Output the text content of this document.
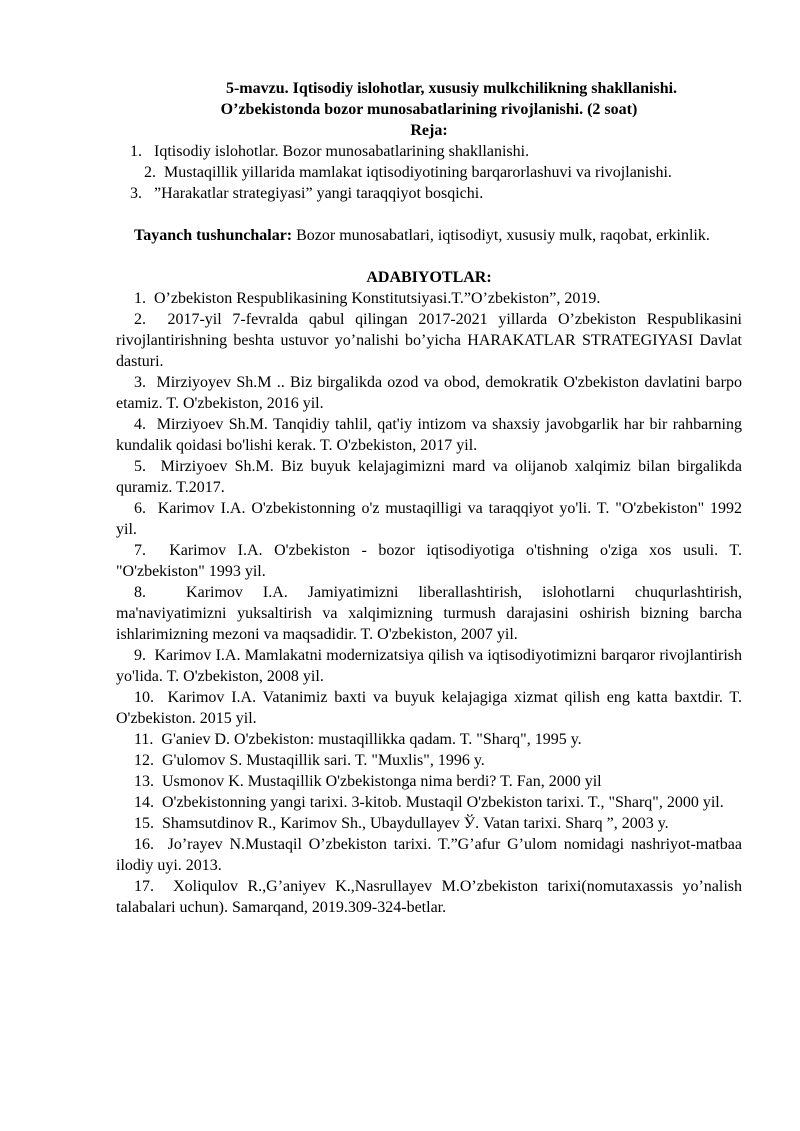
5-mavzu. Iqtisodiy islohotlar, xususiy mulkchilikning shakllanishi.
O’zbekistonda bozor munosabatlarining rivojlanishi. (2 soat)
Reja:
1. Iqtisodiy islohotlar. Bozor munosabatlarining shakllanishi.
2. Mustaqillik yillarida mamlakat iqtisodiyotining barqarorlashuvi va rivojlanishi.
3. ”Harakatlar strategiyasi” yangi taraqqiyot bosqichi.
Tayanch tushunchalar: Bozor munosabatlari, iqtisodiyt, xususiy mulk, raqobat, erkinlik.
ADABIYOTLAR:
1. O’zbekiston Respublikasining Konstitutsiyasi.T.”O’zbekiston”, 2019.
2. 2017-yil 7-fevralda qabul qilingan 2017-2021 yillarda O’zbekiston Respublikasini rivojlantirishning beshta ustuvor yo’nalishi bo’yicha HARAKATLAR STRATEGIYASI Davlat dasturi.
3. Mirziyoyev Sh.M .. Biz birgalikda ozod va obod, demokratik O'zbekiston davlatini barpo etamiz. T. O'zbekiston, 2016 yil.
4. Mirziyoev Sh.M. Tanqidiy tahlil, qat'iy intizom va shaxsiy javobgarlik har bir rahbarning kundalik qoidasi bo'lishi kerak. T. O'zbekiston, 2017 yil.
5. Mirziyoev Sh.M. Biz buyuk kelajagimizni mard va olijanob xalqimiz bilan birgalikda quramiz. T.2017.
6. Karimov I.A. O'zbekistonning o'z mustaqilligi va taraqqiyot yo'li. T. "O'zbekiston" 1992 yil.
7. Karimov I.A. O'zbekiston - bozor iqtisodiyotiga o'tishning o'ziga xos usuli. T. "O'zbekiston" 1993 yil.
8.	Karimov I.A. Jamiyatimizni liberallashtirish, islohotlarni chuqurlashtirish, ma'naviyatimizni yuksaltirish va xalqimizning turmush darajasini oshirish bizning barcha ishlarimizning mezoni va maqsadidir. T. O'zbekiston, 2007 yil.
9. Karimov I.A. Mamlakatni modernizatsiya qilish va iqtisodiyotimizni barqaror rivojlantirish yo'lida. T. O'zbekiston, 2008 yil.
10. Karimov I.A. Vatanimiz baxti va buyuk kelajagiga xizmat qilish eng katta baxtdir. T. O'zbekiston. 2015 yil.
11. G'aniev D. O'zbekiston: mustaqillikka qadam. T. "Sharq", 1995 y.
12. G'ulomov S. Mustaqillik sari. T. "Muxlis", 1996 y.
13. Usmonov K. Mustaqillik O'zbekistonga nima berdi? T. Fan, 2000 yil
14. O'zbekistonning yangi tarixi. 3-kitob. Mustaqil O'zbekiston tarixi. T., "Sharq", 2000 yil.
15. Shamsutdinov R., Karimov Sh., Ubaydullayev Ў. Vatan tarixi. Sharq ”, 2003 y.
16. Jo’rayev N.Mustaqil O’zbekiston tarixi. T.”G’afur G’ulom nomidagi nashriyot-matbaa ilodiy uyi. 2013.
17. Xoliqulov R.,G’aniyev K.,Nasrullayev M.O’zbekiston tarixi(nomutaxassis yo’nalish talabalari uchun). Samarqand, 2019.309-324-betlar.
